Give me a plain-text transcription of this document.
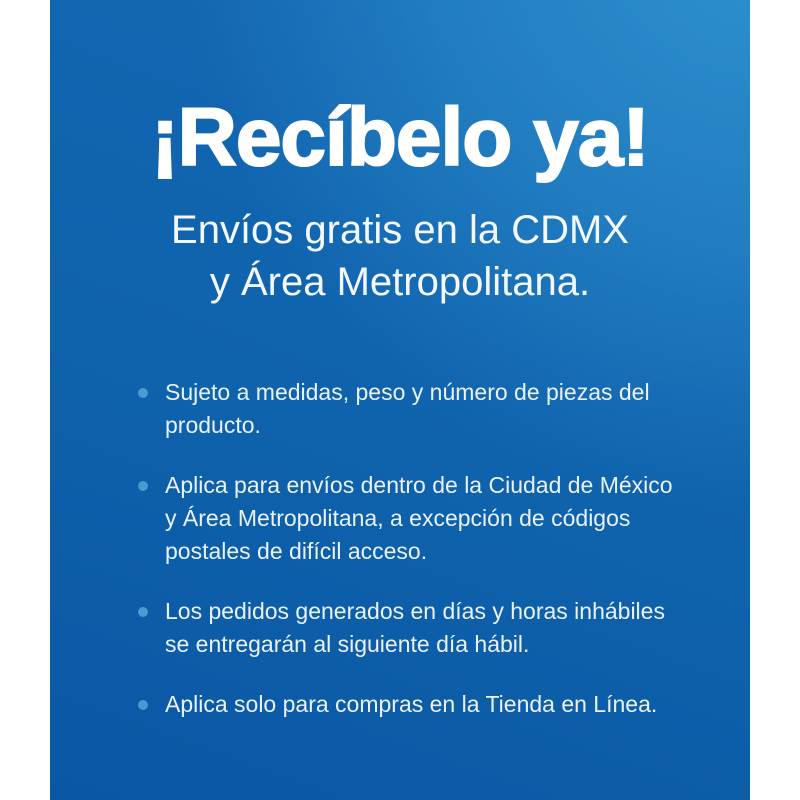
¡Recíbelo ya!

Envíos gratis en la CDMX
y Área Metropolitana.

Sujeto a medidas, peso y número de piezas del producto.
Aplica para envíos dentro de la Ciudad de México y Área Metropolitana, a excepción de códigos postales de difícil acceso.
Los pedidos generados en días y horas inhábiles se entregarán al siguiente día hábil.
Aplica solo para compras en la Tienda en Línea.
